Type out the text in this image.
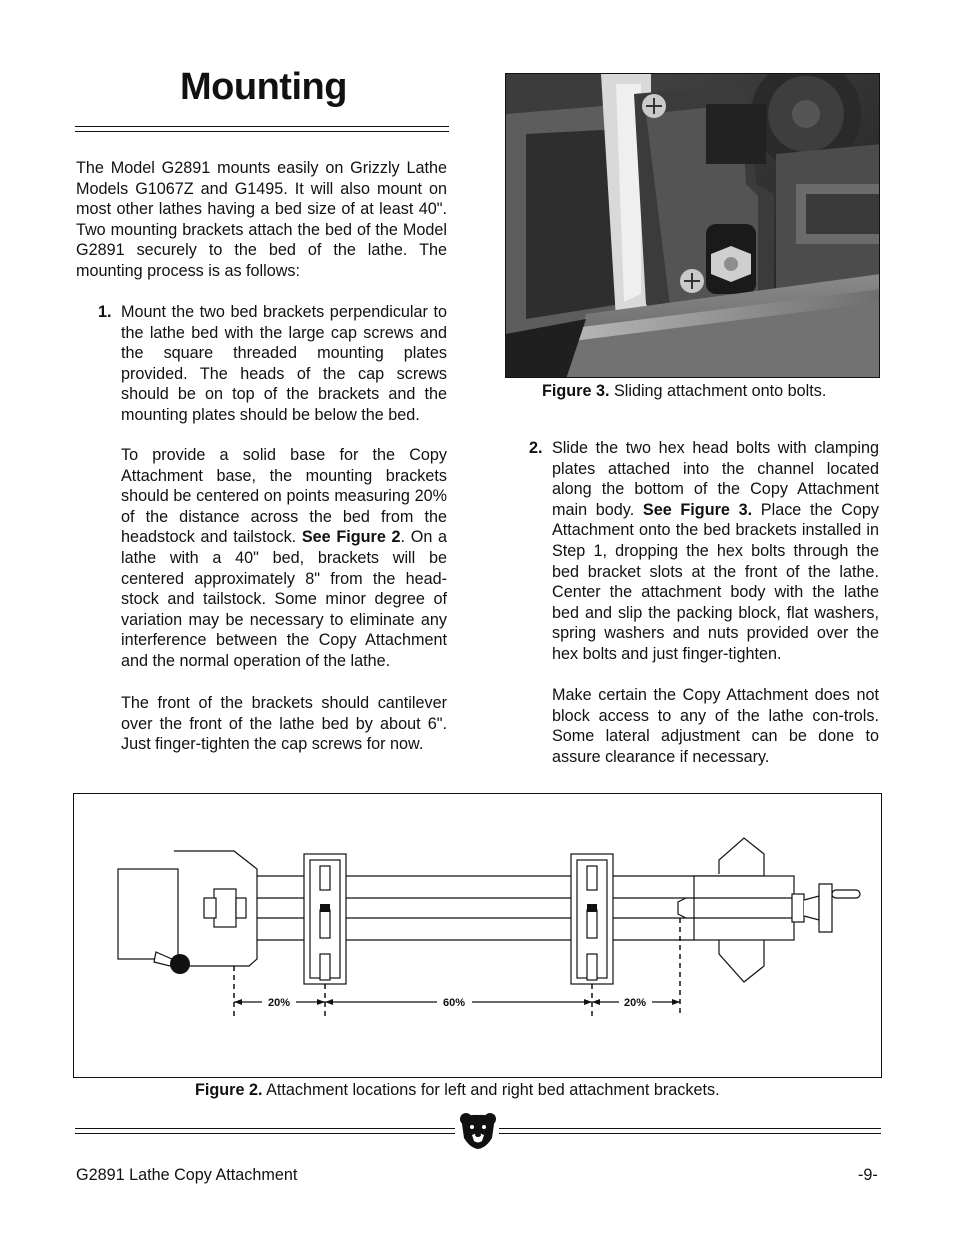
Mounting

The Model G2891 mounts easily on Grizzly Lathe Models G1067Z and G1495. It will also mount on most other lathes having a bed size of at least 40". Two mounting brackets attach the bed of the Model G2891 securely to the bed of the lathe. The mounting process is as follows:

1. Mount the two bed brackets perpendicular to the lathe bed with the large cap screws and the square threaded mounting plates provided. The heads of the cap screws should be on top of the brackets and the mounting plates should be below the bed.

To provide a solid base for the Copy Attachment base, the mounting brackets should be centered on points measuring 20% of the distance across the bed from the headstock and tailstock. See Figure 2. On a lathe with a 40" bed, brackets will be centered approximately 8" from the head-stock and tailstock. Some minor degree of variation may be necessary to eliminate any interference between the Copy Attachment and the normal operation of the lathe.

The front of the brackets should cantilever over the front of the lathe bed by about 6". Just finger-tighten the cap screws for now.

Figure 3. Sliding attachment onto bolts.
2. Slide the two hex head bolts with clamping plates attached into the channel located along the bottom of the Copy Attachment main body. See Figure 3. Place the Copy Attachment onto the bed brackets installed in Step 1, dropping the hex bolts through the bed bracket slots at the front of the lathe. Center the attachment body with the lathe bed and slip the packing block, flat washers, spring washers and nuts provided over the hex bolts and just finger-tighten.

Make certain the Copy Attachment does not block access to any of the lathe con-trols. Some lateral adjustment can be done to assure clearance if necessary.

20%	60%	20%
Figure 2. Attachment locations for left and right bed attachment brackets.
G2891 Lathe Copy Attachment	-9-
